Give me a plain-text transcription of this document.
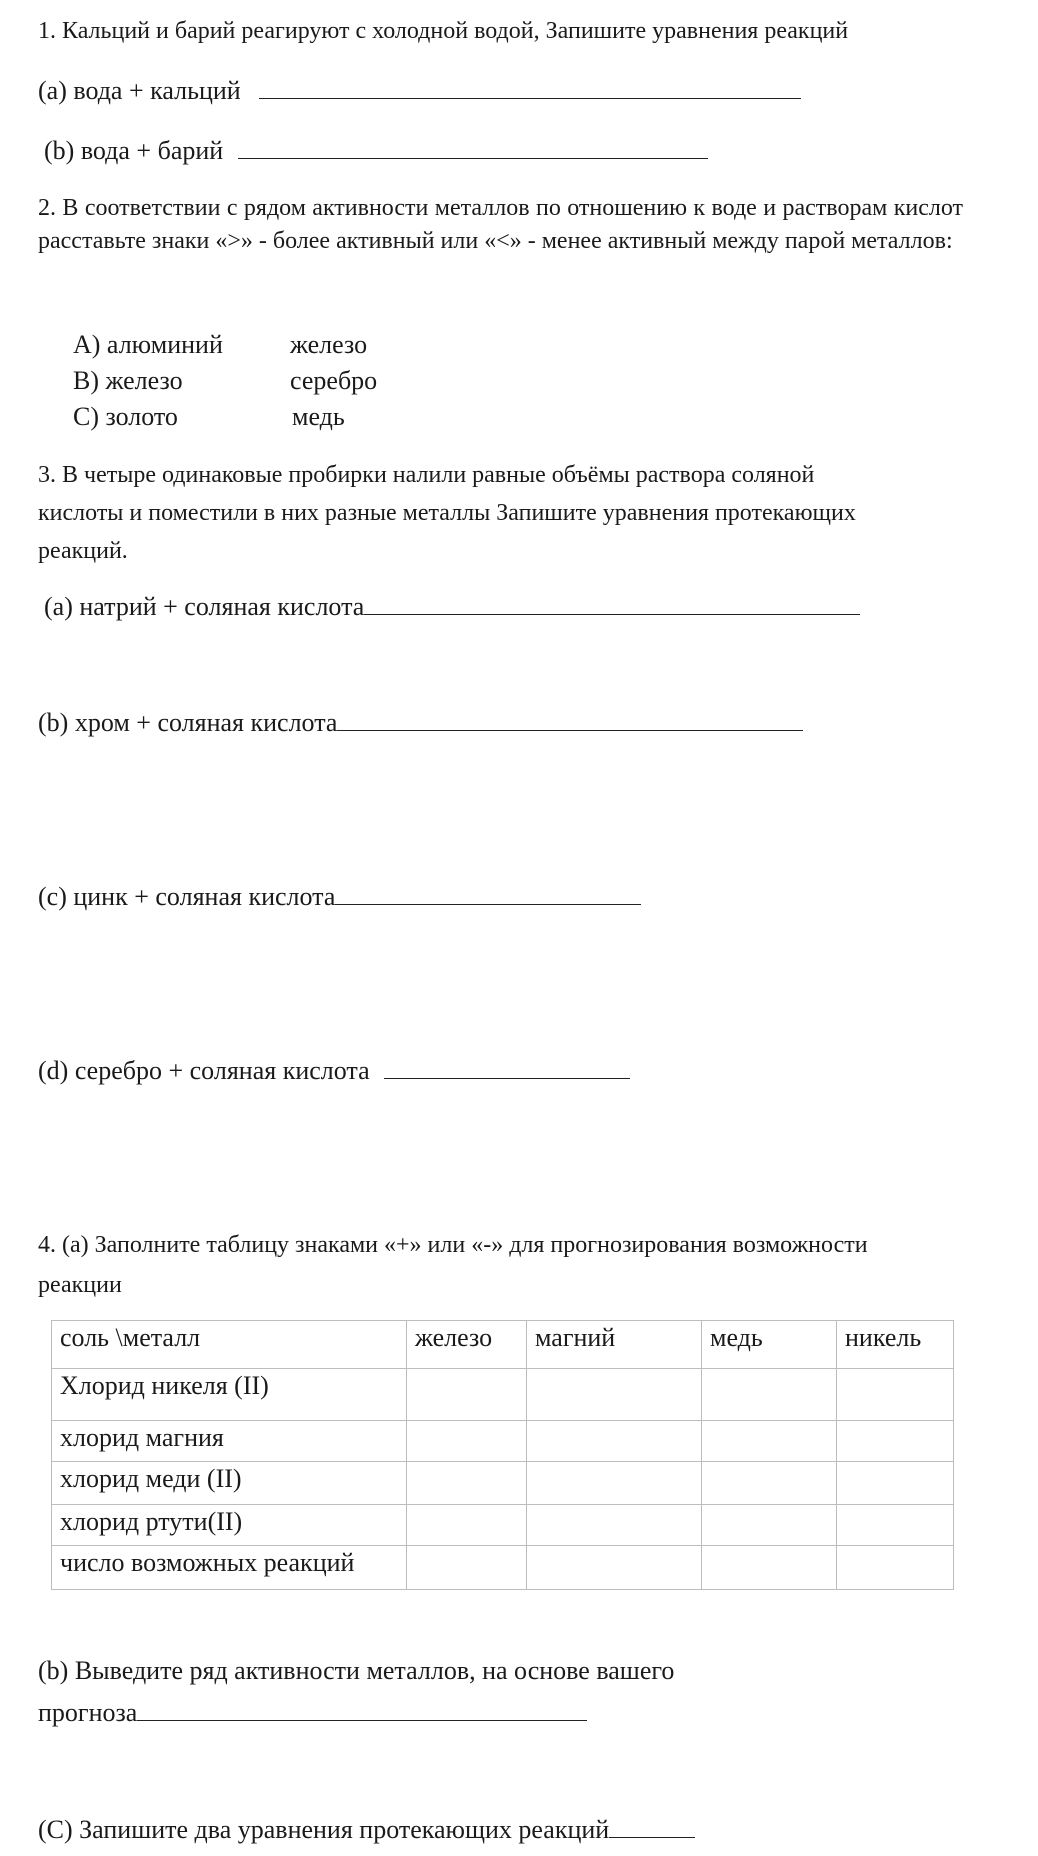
1. Кальций и барий реагируют с холодной водой, Запишите уравнения реакций
(a) вода + кальций
(b) вода + барий
2. В соответствии с рядом активности металлов по отношению к воде и растворам кислот расставьте знаки «>» - более активный или «<» - менее активный между парой металлов:
A) алюминий	железо
B) железо	серебро
C) золото	медь
3. В четыре одинаковые пробирки налили равные объёмы раствора соляной
кислоты и поместили в них разные металлы Запишите уравнения протекающих
реакций.
(a) натрий + соляная кислота
(b) хром + соляная кислота
(c) цинк + соляная кислота
(d) серебро + соляная кислота
4. (а) Заполните таблицу знаками «+» или «-» для прогнозирования возможности
реакции
соль \металл	железо	магний	медь	никель
Хлорид никеля (II)				
хлорид магния				
хлорид меди (II)				
хлорид ртути(II)				
число возможных реакций				
(b) Выведите ряд активности металлов, на основе вашего
прогноза
(С) Запишите два уравнения протекающих реакций
